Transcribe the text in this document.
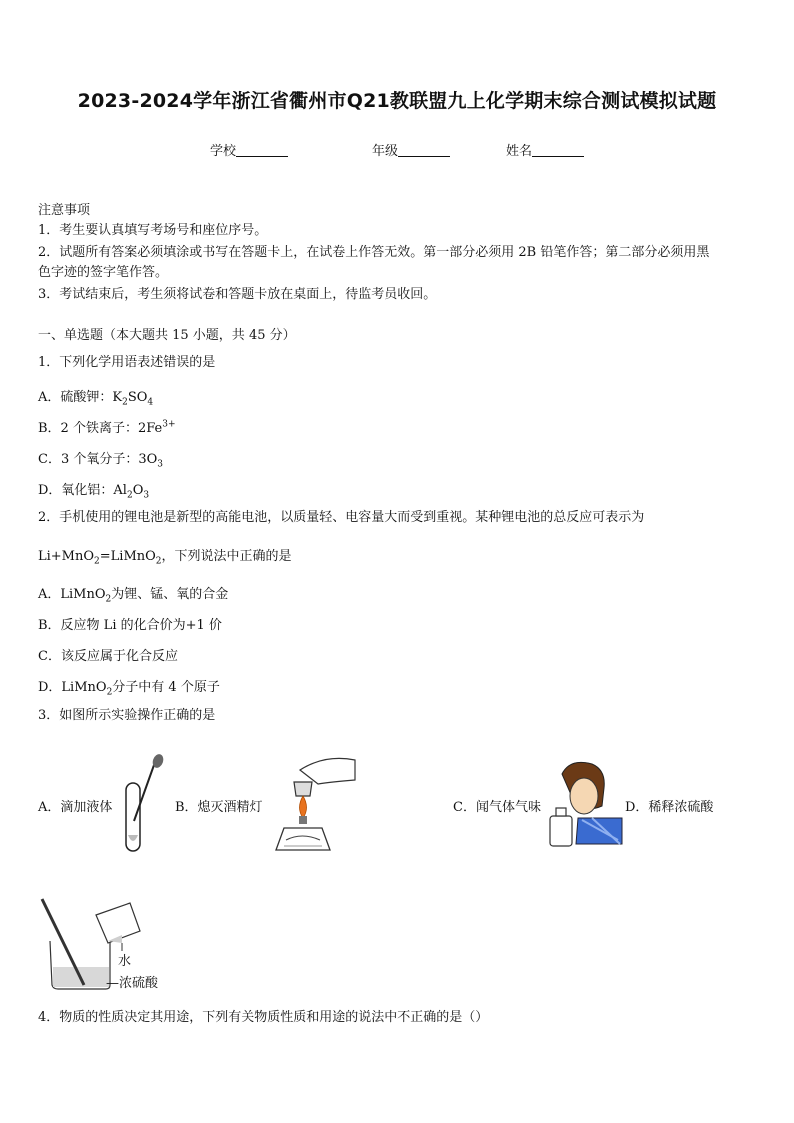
2023-2024学年浙江省衢州市Q21教联盟九上化学期末综合测试模拟试题
学校	年级	姓名
注意事项
1．考生要认真填写考场号和座位序号。
2．试题所有答案必须填涂或书写在答题卡上，在试卷上作答无效。第一部分必须用 2B 铅笔作答；第二部分必须用黑
色字迹的签字笔作答。
3．考试结束后，考生须将试卷和答题卡放在桌面上，待监考员收回。
一、单选题（本大题共 15 小题，共 45 分）
1．下列化学用语表述错误的是
A．硫酸钾：$K_2SO_4$
B．2 个铁离子：$2Fe^{3+}$
C．3 个氧分子：$3O_3$
D．氧化铝：$Al_2O_3$
2．手机使用的锂电池是新型的高能电池，以质量轻、电容量大而受到重视。某种锂电池的总反应可表示为
Li+MnO$_2$=LiMnO$_2$，下列说法中正确的是
A．LiMnO$_2$为锂、锰、氧的合金
B．反应物 Li 的化合价为+1 价
C．该反应属于化合反应
D．LiMnO$_2$分子中有 4 个原子
3．如图所示实验操作正确的是
A．滴加液体	B．熄灭酒精灯	C．闻气体气味	D．稀释浓硫酸
水
—浓硫酸
4．物质的性质决定其用途，下列有关物质性质和用途的说法中不正确的是（）
